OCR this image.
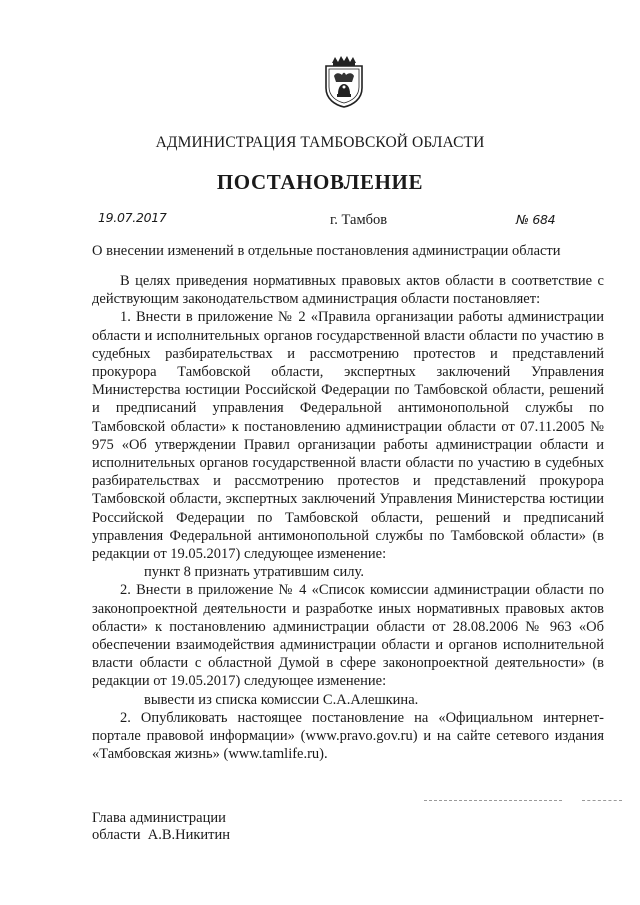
АДМИНИСТРАЦИЯ ТАМБОВСКОЙ ОБЛАСТИ
ПОСТАНОВЛЕНИЕ
19.07.2017	г. Тамбов	№ 684
О внесении изменений в отдельные постановления администрации области

В целях приведения нормативных правовых актов области в соответствие с действующим законодательством администрация области постановляет:

1. Внести в приложение № 2 «Правила организации работы администрации области и исполнительных органов государственной власти области по участию в судебных разбирательствах и рассмотрению протестов и представлений прокурора Тамбовской области, экспертных заключений Управления Министерства юстиции Российской Федерации по Тамбовской области, решений и предписаний управления Федеральной антимонопольной службы по Тамбовской области» к постановлению администрации области от 07.11.2005 № 975 «Об утверждении Правил организации работы администрации области и исполнительных органов государственной власти области по участию в судебных разбирательствах и рассмотрению протестов и представлений прокурора Тамбовской области, экспертных заключений Управления Министерства юстиции Российской Федерации по Тамбовской области, решений и предписаний управления Федеральной антимонопольной службы по Тамбовской области» (в редакции от 19.05.2017) следующее изменение:

пункт 8 признать утратившим силу.

2. Внести в приложение № 4 «Список комиссии администрации области по законопроектной деятельности и разработке иных нормативных правовых актов области» к постановлению администрации области от 28.08.2006 № 963 «Об обеспечении взаимодействия администрации области и органов исполнительной власти области с областной Думой в сфере законопроектной деятельности» (в редакции от 19.05.2017) следующее изменение:

вывести из списка комиссии С.А.Алешкина.

2. Опубликовать настоящее постановление на «Официальном интернет-портале правовой информации» (www.pravo.gov.ru) и на сайте сетевого издания «Тамбовская жизнь» (www.tamlife.ru).

Глава администрации
области  А.В.Никитин
